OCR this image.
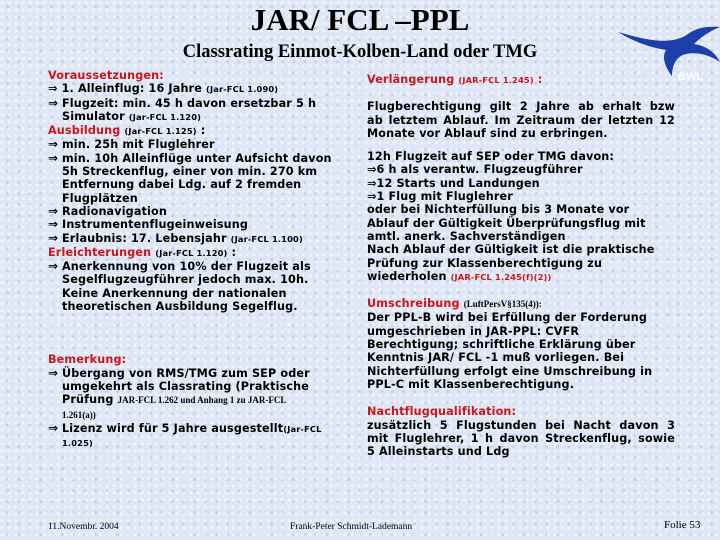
JAR/ FCL –PPL
Classrating Einmot-Kolben-Land oder TMG
BWL
Voraussetzungen:
⇒ 1. Alleinflug: 16 Jahre (Jar-FCL 1.090)
⇒ Flugzeit: min. 45 h davon ersetzbar 5 h
Simulator (Jar-FCL 1.120)
Ausbildung (Jar-FCL 1.125) :
⇒ min. 25h mit Fluglehrer
⇒ min. 10h Alleinflüge unter Aufsicht davon
5h Streckenflug, einer von min. 270 km
Entfernung dabei Ldg. auf 2 fremden
Flugplätzen
⇒ Radionavigation
⇒ Instrumentenflugeinweisung
⇒ Erlaubnis: 17. Lebensjahr (Jar-FCL 1.100)
Erleichterungen (Jar-FCL 1.120) :
⇒ Anerkennung von 10% der Flugzeit als
Segelflugzeugführer jedoch max. 10h.
Keine Anerkennung der nationalen
theoretischen Ausbildung Segelflug.
Bemerkung:
⇒ Übergang von RMS/TMG zum SEP oder
umgekehrt als Classrating (Praktische
Prüfung JAR-FCL 1.262 und Anhang 1 zu JAR-FCL
1.261(a))
⇒ Lizenz wird für 5 Jahre ausgestellt(Jar-FCL
1.025)
Verlängerung (JAR-FCL 1.245) :
Flugberechtigung gilt 2 Jahre ab erhalt bzw
ab letztem Ablauf. Im Zeitraum der letzten 12
Monate vor Ablauf sind zu erbringen.
12h Flugzeit auf SEP oder TMG davon:
⇒6 h als verantw. Flugzeugführer
⇒12 Starts und Landungen
⇒1 Flug mit Fluglehrer
oder bei Nichterfüllung bis 3 Monate vor
Ablauf der Gültigkeit Überprüfungsflug mit
amtl. anerk. Sachverständigen
Nach Ablauf der Gültigkeit ist die praktische
Prüfung zur Klassenberechtigung zu
wiederholen (JAR-FCL 1.245(f)(2))
Umschreibung (LuftPersV§135(4)):
Der PPL-B wird bei Erfüllung der Forderung
umgeschrieben in JAR-PPL: CVFR
Berechtigung; schriftliche Erklärung über
Kenntnis JAR/ FCL -1 muß vorliegen. Bei
Nichterfüllung erfolgt eine Umschreibung in
PPL-C mit Klassenberechtigung.
Nachtflugqualifikation:
zusätzlich 5 Flugstunden bei Nacht davon 3
mit Fluglehrer, 1 h davon Streckenflug, sowie
5 Alleinstarts und Ldg
11.Novembr. 2004	Frank-Peter Schmidt-Lademann	Folie 53
